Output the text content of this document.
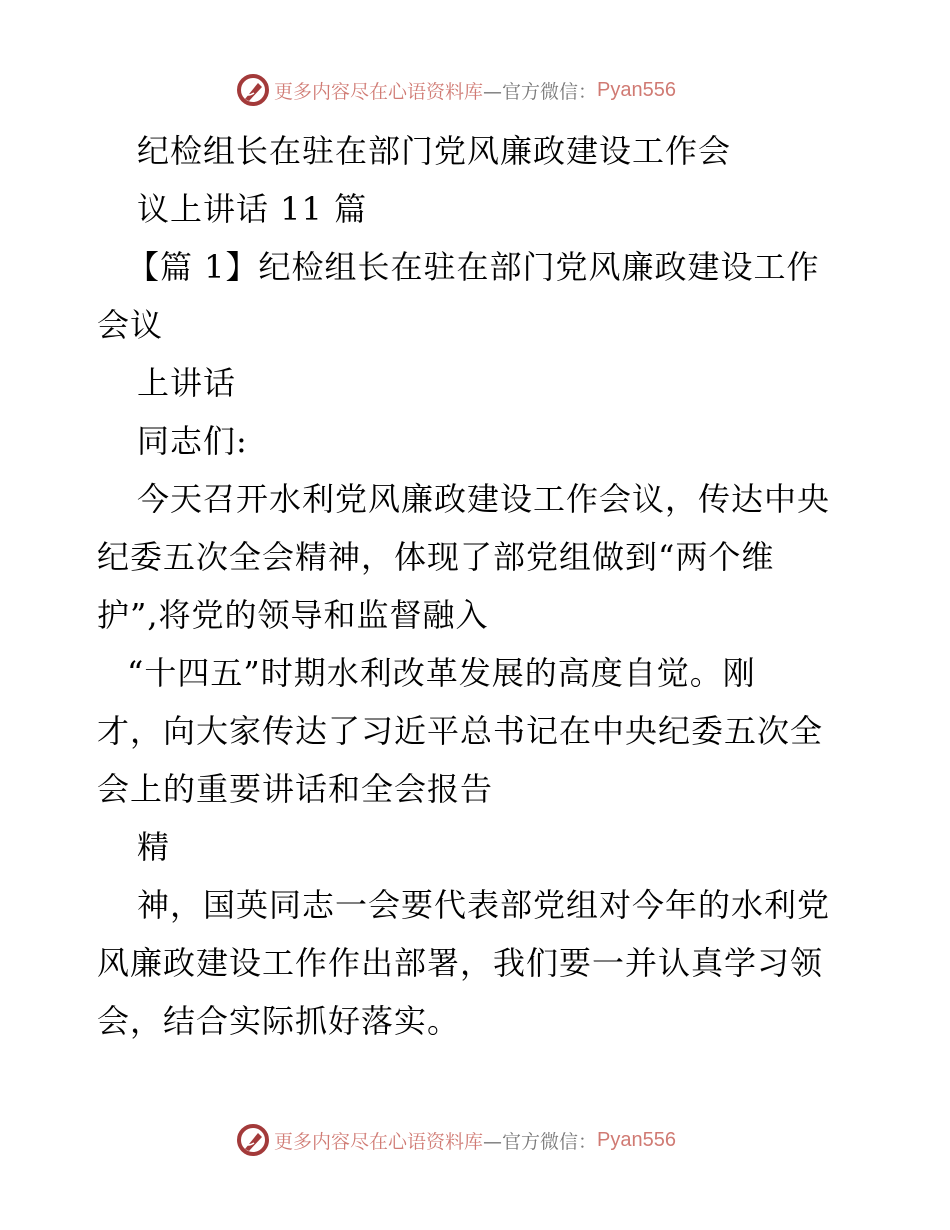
更多内容尽在心语资料库 —官方微信： Pyan556
纪检组长在驻在部门党风廉政建设工作会
议上讲话 11 篇
【篇 1】纪检组长在驻在部门党风廉政建设工作
会议
上讲话
同志们:
今天召开水利党风廉政建设工作会议，传达中央
纪委五次全会精神，体现了部党组做到“两个维
护”,将党的领导和监督融入
“十四五”时期水利改革发展的高度自觉。刚
才，向大家传达了习近平总书记在中央纪委五次全
会上的重要讲话和全会报告
精
神，国英同志一会要代表部党组对今年的水利党
风廉政建设工作作出部署，我们要一并认真学习领
会，结合实际抓好落实。
更多内容尽在心语资料库 —官方微信： Pyan556
